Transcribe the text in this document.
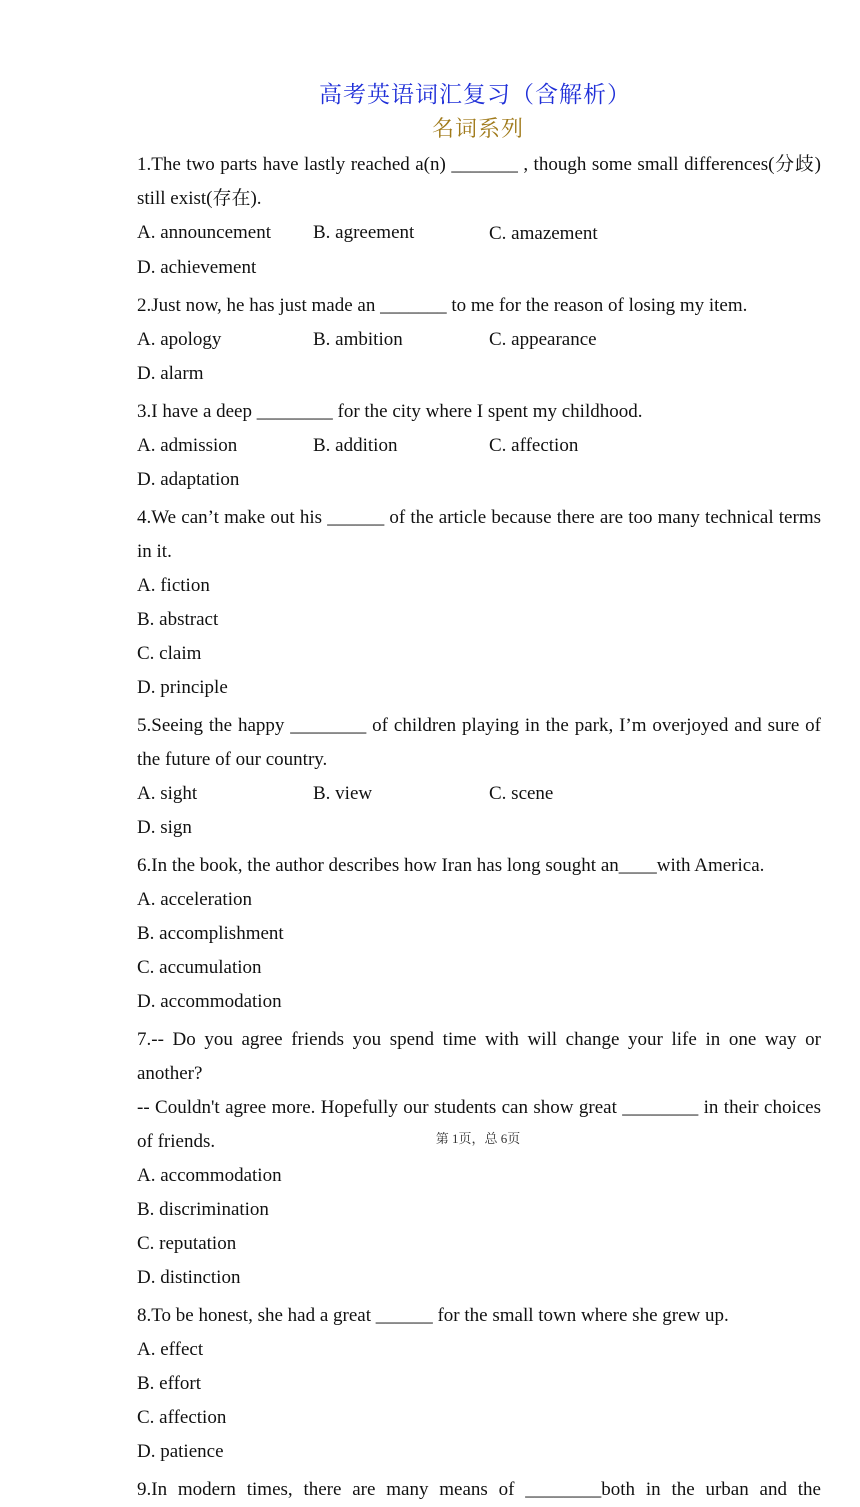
高考英语词汇复习（含解析）
名词系列
1.The two parts have lastly reached a(n) _______ , though some small differences(分歧) still exist(存在).
A. announcement	B. agreement	C. amazement
D. achievement
2.Just now, he has just made an _______ to me for the reason of losing my item.
A. apology	B. ambition	C. appearance
D. alarm
3.I have a deep ________ for the city where I spent my childhood.
A. admission	B. addition	C. affection
D. adaptation
4.We can’t make out his ______ of the article because there are too many technical terms in it.
A. fiction
B. abstract
C. claim
D. principle
5.Seeing the happy ________ of children playing in the park, I’m overjoyed and sure of the future of our country.
A. sight	B. view	C. scene
D. sign
6.In the book, the author describes how Iran has long sought an____with America.
A. acceleration
B. accomplishment
C. accumulation
D. accommodation
7.-- Do you agree friends you spend time with will change your life in one way or another?
-- Couldn't agree more. Hopefully our students can show great ________ in their choices of friends.
A. accommodation
B. discrimination
C. reputation
D. distinction
8.To be honest, she had a great ______ for the small town where she grew up.
A. effect
B. effort
C. affection
D. patience
9.In modern times, there are many means of ________both in the urban and the
第 1页，总 6页
